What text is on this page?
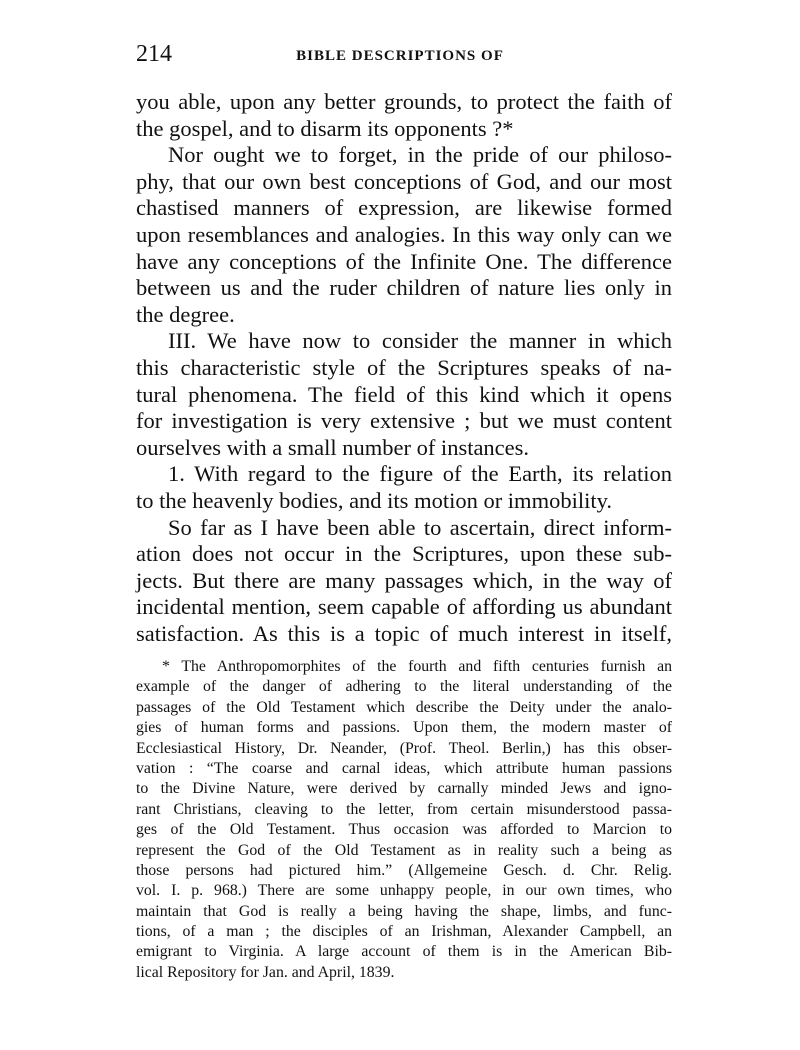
214	BIBLE DESCRIPTIONS OF
you able, upon any better grounds, to protect the faith of
the gospel, and to disarm its opponents ?*
Nor ought we to forget, in the pride of our philoso-
phy, that our own best conceptions of God, and our most
chastised manners of expression, are likewise formed
upon resemblances and analogies. In this way only can we
have any conceptions of the Infinite One. The difference
between us and the ruder children of nature lies only in
the degree.
III. We have now to consider the manner in which
this characteristic style of the Scriptures speaks of na-
tural phenomena. The field of this kind which it opens
for investigation is very extensive ; but we must content
ourselves with a small number of instances.
1. With regard to the figure of the Earth, its relation
to the heavenly bodies, and its motion or immobility.
So far as I have been able to ascertain, direct inform-
ation does not occur in the Scriptures, upon these sub-
jects. But there are many passages which, in the way of
incidental mention, seem capable of affording us abundant
satisfaction. As this is a topic of much interest in itself,
* The Anthropomorphites of the fourth and fifth centuries furnish an
example of the danger of adhering to the literal understanding of the
passages of the Old Testament which describe the Deity under the analo-
gies of human forms and passions. Upon them, the modern master of
Ecclesiastical History, Dr. Neander, (Prof. Theol. Berlin,) has this obser-
vation : “The coarse and carnal ideas, which attribute human passions
to the Divine Nature, were derived by carnally minded Jews and igno-
rant Christians, cleaving to the letter, from certain misunderstood passa-
ges of the Old Testament. Thus occasion was afforded to Marcion to
represent the God of the Old Testament as in reality such a being as
those persons had pictured him.” (Allgemeine Gesch. d. Chr. Relig.
vol. I. p. 968.) There are some unhappy people, in our own times, who
maintain that God is really a being having the shape, limbs, and func-
tions, of a man ; the disciples of an Irishman, Alexander Campbell, an
emigrant to Virginia. A large account of them is in the American Bib-
lical Repository for Jan. and April, 1839.
